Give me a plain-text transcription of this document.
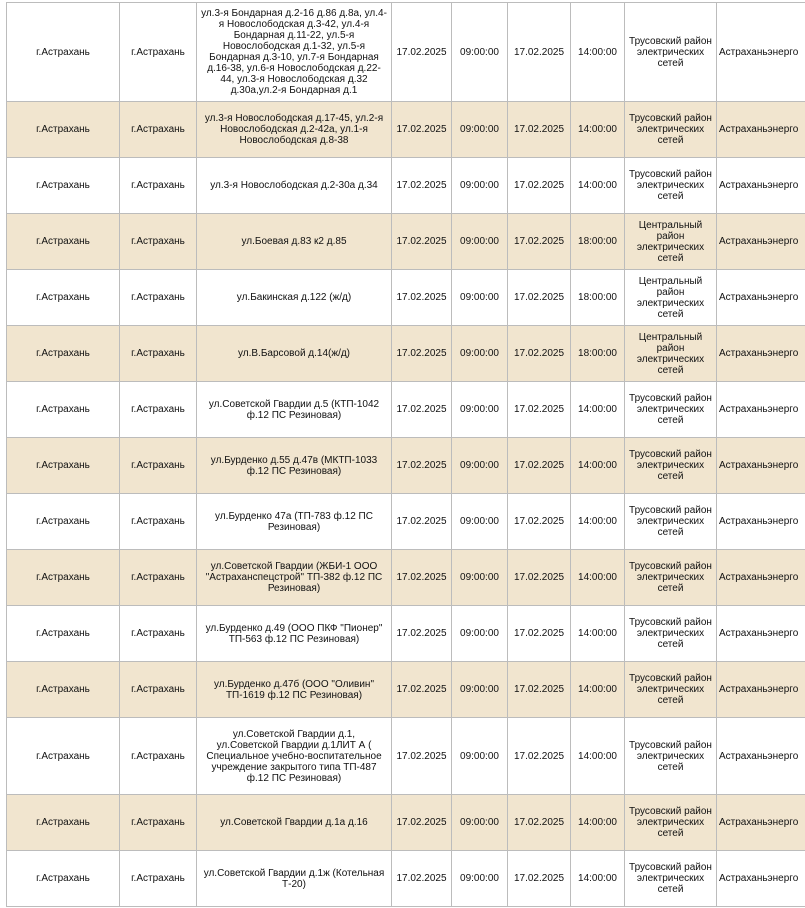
г.Астрахань	г.Астрахань	ул.3-я Бондарная д.2-16 д.86 д.8а, ул.4-я Новослободская д.3-42, ул.4-я Бондарная д.11-22, ул.5-я Новослободская д.1-32, ул.5-я Бондарная д.3-10, ул.7-я Бондарная д.16-38, ул.6-я Новослободская д.22-44, ул.3-я Новослободская д.32 д.30а,ул.2-я Бондарная д.1	17.02.2025	09:00:00	17.02.2025	14:00:00	Трусовский район электрических сетей	Астраханьэнерго
г.Астрахань	г.Астрахань	ул.3-я Новослободская д.17-45, ул.2-я Новослободская д.2-42а, ул.1-я Новослободская д.8-38	17.02.2025	09:00:00	17.02.2025	14:00:00	Трусовский район электрических сетей	Астраханьэнерго
г.Астрахань	г.Астрахань	ул.3-я Новослободская д.2-30а д.34	17.02.2025	09:00:00	17.02.2025	14:00:00	Трусовский район электрических сетей	Астраханьэнерго
г.Астрахань	г.Астрахань	ул.Боевая д.83 к2 д.85	17.02.2025	09:00:00	17.02.2025	18:00:00	Центральный район электрических сетей	Астраханьэнерго
г.Астрахань	г.Астрахань	ул.Бакинская д.122 (ж/д)	17.02.2025	09:00:00	17.02.2025	18:00:00	Центральный район электрических сетей	Астраханьэнерго
г.Астрахань	г.Астрахань	ул.В.Барсовой д.14(ж/д)	17.02.2025	09:00:00	17.02.2025	18:00:00	Центральный район электрических сетей	Астраханьэнерго
г.Астрахань	г.Астрахань	ул.Советской Гвардии д.5 (КТП-1042 ф.12 ПС Резиновая)	17.02.2025	09:00:00	17.02.2025	14:00:00	Трусовский район электрических сетей	Астраханьэнерго
г.Астрахань	г.Астрахань	ул.Бурденко д.55 д.47в (МКТП-1033 ф.12 ПС Резиновая)	17.02.2025	09:00:00	17.02.2025	14:00:00	Трусовский район электрических сетей	Астраханьэнерго
г.Астрахань	г.Астрахань	ул.Бурденко 47а (ТП-783 ф.12 ПС Резиновая)	17.02.2025	09:00:00	17.02.2025	14:00:00	Трусовский район электрических сетей	Астраханьэнерго
г.Астрахань	г.Астрахань	ул.Советской Гвардии (ЖБИ-1 ООО "Астраханспецстрой" ТП-382 ф.12 ПС Резиновая)	17.02.2025	09:00:00	17.02.2025	14:00:00	Трусовский район электрических сетей	Астраханьэнерго
г.Астрахань	г.Астрахань	ул.Бурденко д.49 (ООО ПКФ "Пионер" ТП-563 ф.12 ПС Резиновая)	17.02.2025	09:00:00	17.02.2025	14:00:00	Трусовский район электрических сетей	Астраханьэнерго
г.Астрахань	г.Астрахань	ул.Бурденко д.47б (ООО "Оливин" ТП-1619 ф.12 ПС Резиновая)	17.02.2025	09:00:00	17.02.2025	14:00:00	Трусовский район электрических сетей	Астраханьэнерго
г.Астрахань	г.Астрахань	ул.Советской Гвардии д.1, ул.Советской Гвардии д.1ЛИТ А ( Специальное учебно-воспитательное учреждение закрытого типа ТП-487 ф.12 ПС Резиновая)	17.02.2025	09:00:00	17.02.2025	14:00:00	Трусовский район электрических сетей	Астраханьэнерго
г.Астрахань	г.Астрахань	ул.Советской Гвардии д.1а д.16	17.02.2025	09:00:00	17.02.2025	14:00:00	Трусовский район электрических сетей	Астраханьэнерго
г.Астрахань	г.Астрахань	ул.Советской Гвардии д.1ж (Котельная Т-20)	17.02.2025	09:00:00	17.02.2025	14:00:00	Трусовский район электрических сетей	Астраханьэнерго
